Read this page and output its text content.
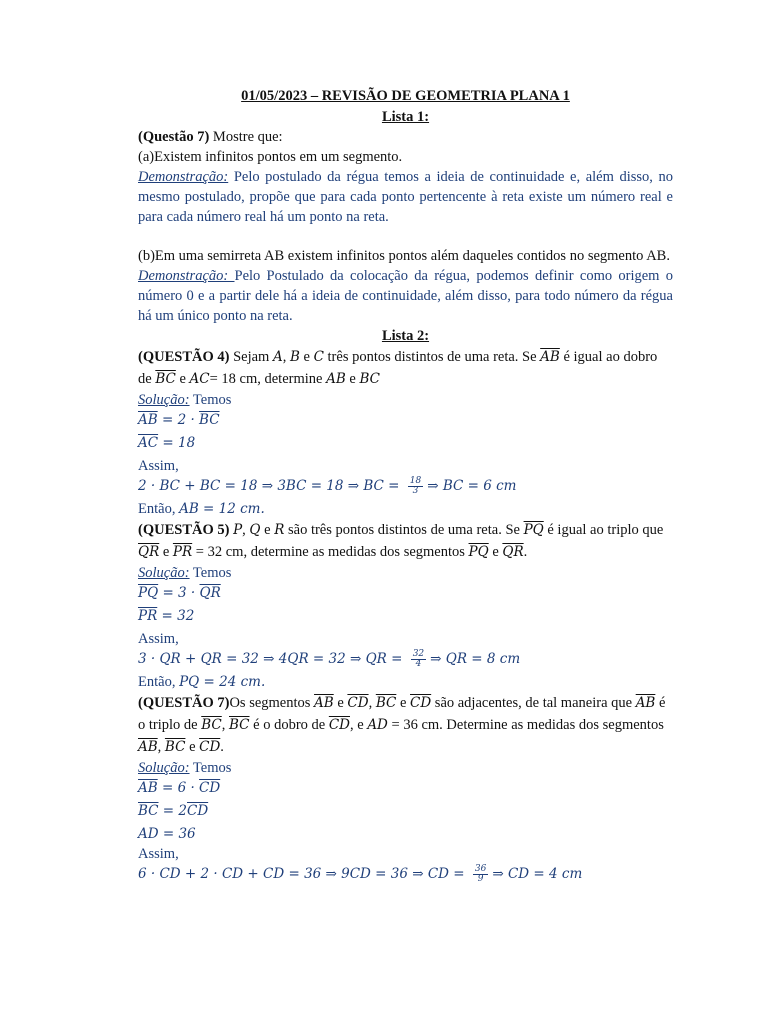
01/05/2023 – REVISÃO DE GEOMETRIA PLANA 1
Lista 1:
(Questão 7) Mostre que:
(a)Existem infinitos pontos em um segmento.

Demonstração: Pelo postulado da régua temos a ideia de continuidade e, além disso, no mesmo postulado, propõe que para cada ponto pertencente à reta existe um número real e para cada número real há um ponto na reta.

(b)Em uma semirreta AB existem infinitos pontos além daqueles contidos no segmento AB.

Demonstração: Pelo Postulado da colocação da régua, podemos definir como origem o número 0 e a partir dele há a ideia de continuidade, além disso, para todo número da régua há um único ponto na reta.

Lista 2:

(QUESTÃO 4) Sejam A, B e C três pontos distintos de uma reta. Se $\overline{AB}$ é igual ao dobro de $\overline{BC}$ e AC= 18 cm, determine AB e BC

Solução: Temos
$\overline{AB} = 2 \cdot \overline{BC}$
$\overline{AC} = 18$
Assim,
2 · BC + BC = 18 ⇒ 3BC = 18 ⇒ BC = $\frac{18}{3}$ ⇒ BC = 6 cm
Então, AB = 12 cm.

(QUESTÃO 5) P, Q e R são três pontos distintos de uma reta. Se $\overline{PQ}$ é igual ao triplo que $\overline{QR}$ e $\overline{PR} = 32$ cm, determine as medidas dos segmentos $\overline{PQ}$ e $\overline{QR}$.

Solução: Temos
$\overline{PQ} = 3 \cdot \overline{QR}$
$\overline{PR} = 32$
Assim,
3 · QR + QR = 32 ⇒ 4QR = 32 ⇒ QR = $\frac{32}{4}$ ⇒ QR = 8 cm
Então, PQ = 24 cm.

(QUESTÃO 7)Os segmentos $\overline{AB}$ e $\overline{CD}$, $\overline{BC}$ e $\overline{CD}$ são adjacentes, de tal maneira que $\overline{AB}$ é o triplo de $\overline{BC}$, $\overline{BC}$ é o dobro de $\overline{CD}$, e AD = 36 cm. Determine as medidas dos segmentos $\overline{AB}$, $\overline{BC}$ e $\overline{CD}$.

Solução: Temos
$\overline{AB} = 6 \cdot \overline{CD}$
$\overline{BC} = 2\overline{CD}$
AD = 36
Assim,
6 · CD + 2 · CD + CD = 36 ⇒ 9CD = 36 ⇒ CD = $\frac{36}{9}$ ⇒ CD = 4 cm
